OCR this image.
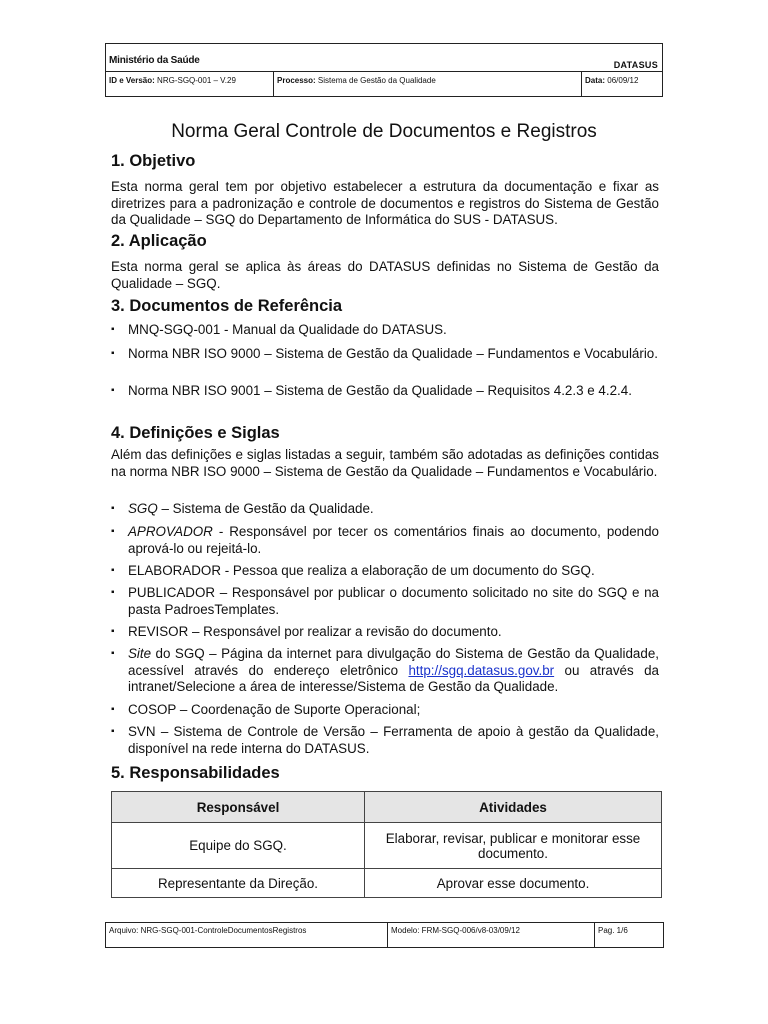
Ministério da Saúde	DATASUS
ID e Versão: NRG-SGQ-001 – V.29	Processo: Sistema de Gestão da Qualidade	Data: 06/09/12
Norma Geral Controle de Documentos e Registros
1. Objetivo

Esta norma geral tem por objetivo estabelecer a estrutura da documentação e fixar as diretrizes para a padronização e controle de documentos e registros do Sistema de Gestão da Qualidade – SGQ do Departamento de Informática do SUS - DATASUS.

2. Aplicação

Esta norma geral se aplica às áreas do DATASUS definidas no Sistema de Gestão da Qualidade – SGQ.

3. Documentos de Referência
▪ MNQ-SGQ-001 - Manual da Qualidade do DATASUS.
▪ Norma NBR ISO 9000 – Sistema de Gestão da Qualidade – Fundamentos e Vocabulário.
▪ Norma NBR ISO 9001 – Sistema de Gestão da Qualidade – Requisitos 4.2.3 e 4.2.4.
4. Definições e Siglas

Além das definições e siglas listadas a seguir, também são adotadas as definições contidas na norma NBR ISO 9000 – Sistema de Gestão da Qualidade – Fundamentos e Vocabulário.

▪ SGQ – Sistema de Gestão da Qualidade.
▪ APROVADOR - Responsável por tecer os comentários finais ao documento, podendo aprová-lo ou rejeitá-lo.
▪ ELABORADOR - Pessoa que realiza a elaboração de um documento do SGQ.
▪ PUBLICADOR – Responsável por publicar o documento solicitado no site do SGQ e na pasta PadroesTemplates.
▪ REVISOR – Responsável por realizar a revisão do documento.
▪ Site do SGQ – Página da internet para divulgação do Sistema de Gestão da Qualidade, acessível através do endereço eletrônico http://sgq.datasus.gov.br ou através da intranet/Selecione a área de interesse/Sistema de Gestão da Qualidade.
▪ COSOP – Coordenação de Suporte Operacional;
▪ SVN – Sistema de Controle de Versão – Ferramenta de apoio à gestão da Qualidade, disponível na rede interna do DATASUS.
5. Responsabilidades
Responsável	Atividades
Equipe do SGQ.	Elaborar, revisar, publicar e monitorar esse documento.
Representante da Direção.	Aprovar esse documento.
Arquivo: NRG-SGQ-001-ControleDocumentosRegistros	Modelo: FRM-SGQ-006/v8-03/09/12	Pag. 1/6
